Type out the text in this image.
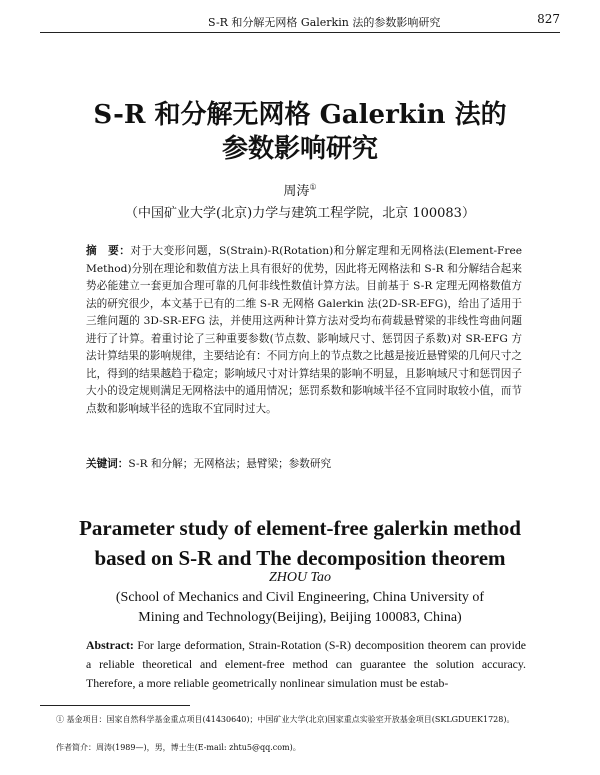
S-R 和分解无网格 Galerkin 法的参数影响研究	827
S-R 和分解无网格 Galerkin 法的
参数影响研究
周涛①
（中国矿业大学(北京)力学与建筑工程学院，北京 100083）
摘　要：对于大变形问题，S(Strain)-R(Rotation)和分解定理和无网格法(Element-Free Method)分别在理论和数值方法上具有很好的优势，因此将无网格法和 S-R 和分解结合起来势必能建立一套更加合理可靠的几何非线性数值计算方法。目前基于 S-R 定理无网格数值方法的研究很少，本文基于已有的二维 S-R 无网格 Galerkin 法(2D-SR-EFG)，给出了适用于三维问题的 3D-SR-EFG 法，并使用这两种计算方法对受均布荷载悬臂梁的非线性弯曲问题进行了计算。着重讨论了三种重要参数(节点数、影响域尺寸、惩罚因子系数)对 SR-EFG 方法计算结果的影响规律，主要结论有：不同方向上的节点数之比越是接近悬臂梁的几何尺寸之比，得到的结果越趋于稳定；影响域尺寸对计算结果的影响不明显，且影响域尺寸和惩罚因子大小的设定规则满足无网格法中的通用情况；惩罚系数和影响域半径不宜同时取较小值，而节点数和影响域半径的选取不宜同时过大。
关键词：S-R 和分解；无网格法；悬臂梁；参数研究
Parameter study of element-free galerkin method
based on S-R and The decomposition theorem
ZHOU Tao
(School of Mechanics and Civil Engineering, China University of
Mining and Technology(Beijing), Beijing 100083, China)
Abstract: For large deformation, Strain-Rotation (S-R) decomposition theorem can provide a reliable theoretical and element-free method can guarantee the solution accuracy. Therefore, a more reliable geometrically nonlinear simulation must be estab-
① 基金项目：国家自然科学基金重点项目(41430640)；中国矿业大学(北京)国家重点实验室开放基金项目(SKLGDUEK1728)。
作者简介：周涛(1989—)，男，博士生(E-mail: zhtu5@qq.com)。
